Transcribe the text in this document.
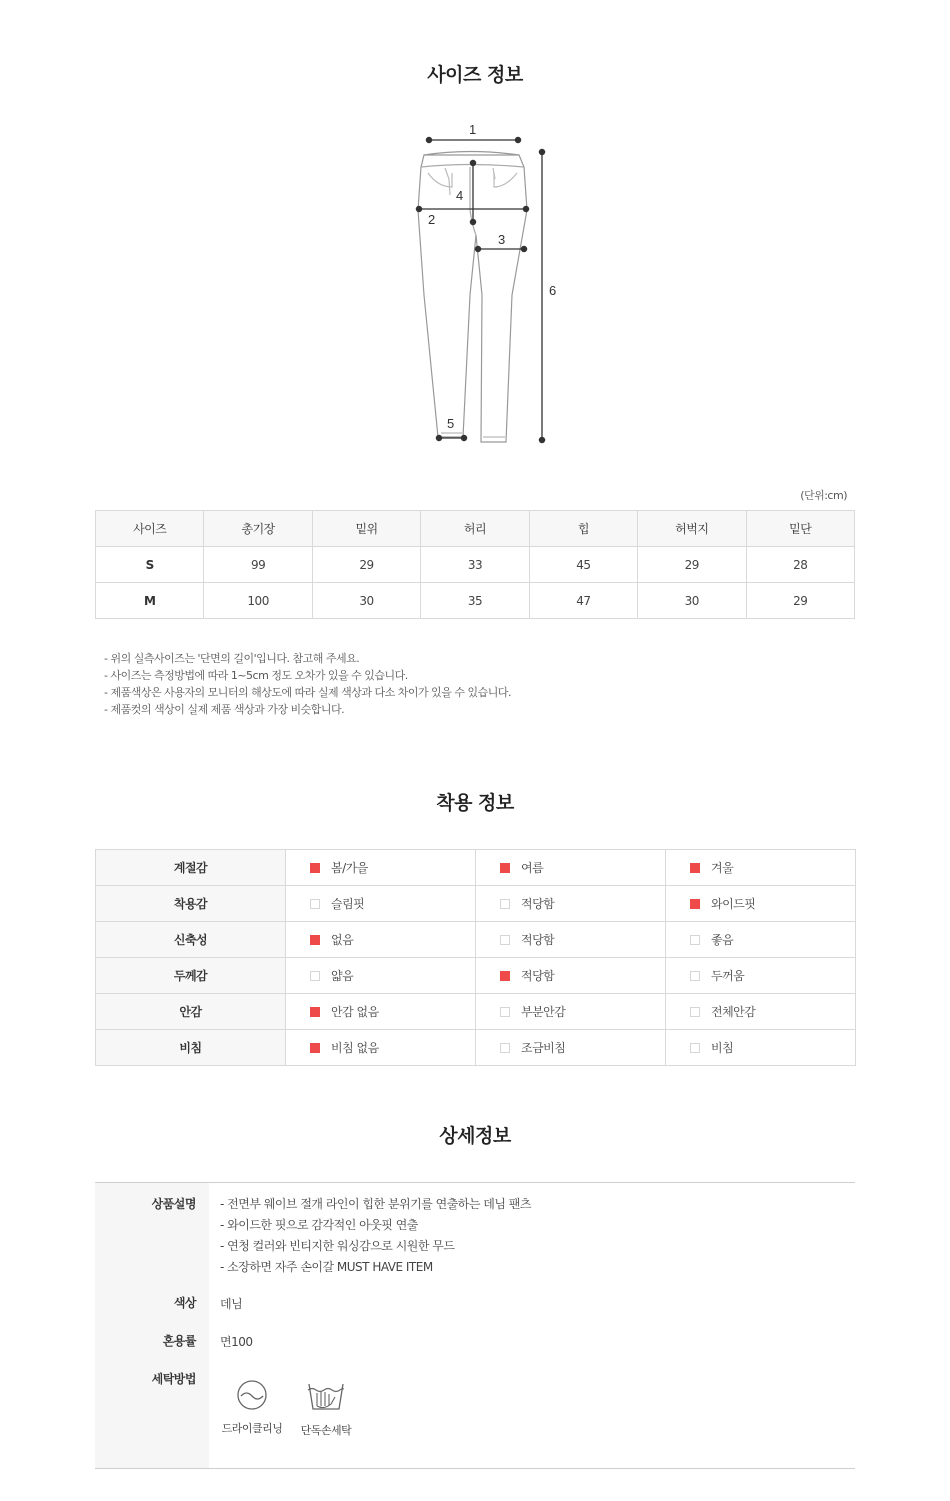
사이즈 정보
1
2
3
4
5
6
(단위:cm)
사이즈	총기장	밑위	허리	힙	허벅지	밑단
S	99	29	33	45	29	28
M	100	30	35	47	30	29
- 위의 실측사이즈는 '단면의 길이'입니다. 참고해 주세요.
- 사이즈는 측정방법에 따라 1~5cm 정도 오차가 있을 수 있습니다.
- 제품색상은 사용자의 모니터의 해상도에 따라 실제 색상과 다소 차이가 있을 수 있습니다.
- 제품컷의 색상이 실제 제품 색상과 가장 비슷합니다.
착용 정보
계절감	봄/가을	여름	겨울
착용감	슬림핏	적당함	와이드핏
신축성	없음	적당함	좋음
두께감	얇음	적당함	두꺼움
안감	안감 없음	부분안감	전체안감
비침	비침 없음	조금비침	비침
상세정보
상품설명 - 전면부 웨이브 절개 라인이 힙한 분위기를 연출하는 데님 팬츠
- 와이드한 핏으로 감각적인 아웃핏 연출
- 연청 컬러와 빈티지한 워싱감으로 시원한 무드
- 소장하면 자주 손이갈 MUST HAVE ITEM
색상 데님
혼용률 면100
세탁방법
드라이클리닝	단독손세탁
